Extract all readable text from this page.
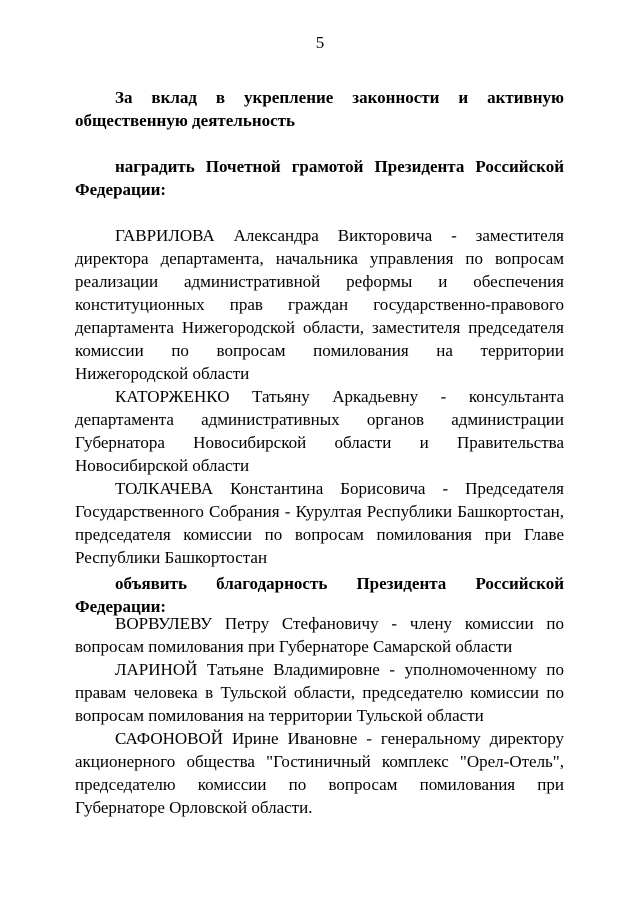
5
За вклад в укрепление законности и активную общественную деятельность
наградить Почетной грамотой Президента Российской Федерации:

ГАВРИЛОВА Александра Викторовича - заместителя директора департамента, начальника управления по вопросам реализации административной реформы и обеспечения конституционных прав граждан государственно-правового департамента Нижегородской области, заместителя председателя комиссии по вопросам помилования на территории Нижегородской области

КАТОРЖЕНКО Татьяну Аркадьевну - консультанта департамента административных органов администрации Губернатора Новосибирской области и Правительства Новосибирской области

ТОЛКАЧЕВА Константина Борисовича - Председателя Государственного Собрания - Курултая Республики Башкортостан, председателя комиссии по вопросам помилования при Главе Республики Башкортостан

объявить благодарность Президента Российской Федерации:

ВОРВУЛЕВУ Петру Стефановичу - члену комиссии по вопросам помилования при Губернаторе Самарской области

ЛАРИНОЙ Татьяне Владимировне - уполномоченному по правам человека в Тульской области, председателю комиссии по вопросам помилования на территории Тульской области

САФОНОВОЙ Ирине Ивановне - генеральному директору акционерного общества "Гостиничный комплекс "Орел-Отель", председателю комиссии по вопросам помилования при Губернаторе Орловской области.
